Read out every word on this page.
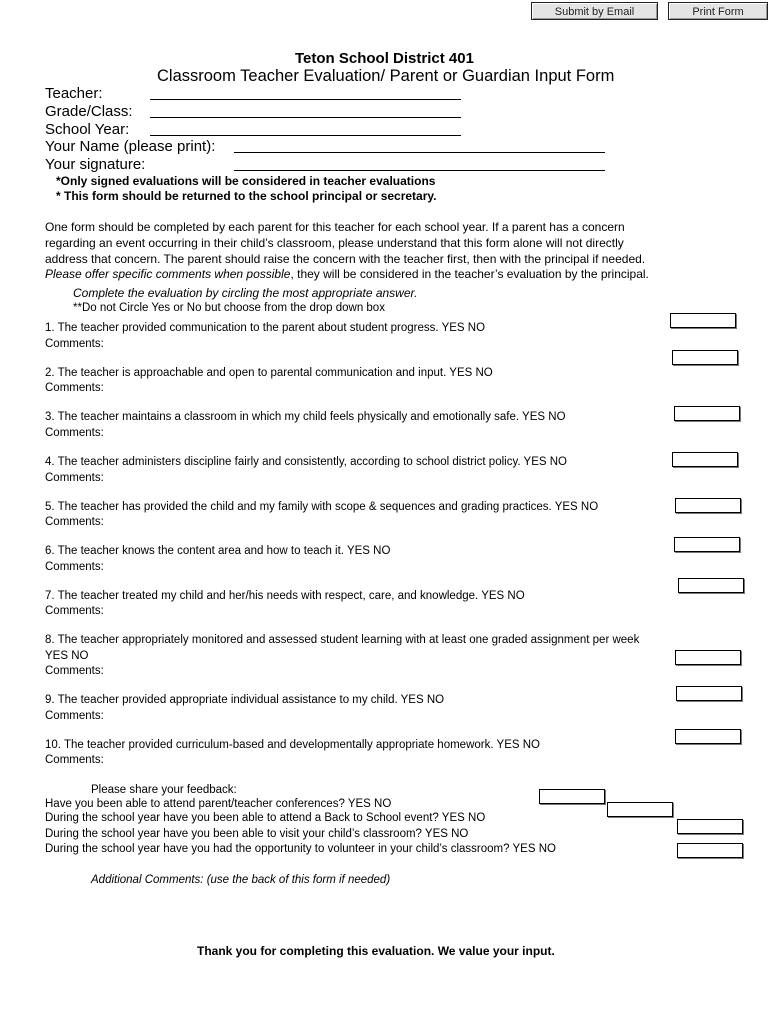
Submit by Email	Print Form
Teton School District 401
Classroom Teacher Evaluation/ Parent or Guardian Input Form
Teacher:
Grade/Class:
School Year:
Your Name (please print):
Your signature:
*Only signed evaluations will be considered in teacher evaluations
* This form should be returned to the school principal or secretary.
One form should be completed by each parent for this teacher for each school year. If a parent has a concern
regarding an event occurring in their child’s classroom, please understand that this form alone will not directly
address that concern. The parent should raise the concern with the teacher first, then with the principal if needed.
Please offer specific comments when possible, they will be considered in the teacher’s evaluation by the principal.
Complete the evaluation by circling the most appropriate answer.
**Do not Circle Yes or No but choose from the drop down box
1. The teacher provided communication to the parent about student progress. YES NO
Comments:
2. The teacher is approachable and open to parental communication and input. YES NO
Comments:
3. The teacher maintains a classroom in which my child feels physically and emotionally safe. YES NO
Comments:
4. The teacher administers discipline fairly and consistently, according to school district policy. YES NO
Comments:
5. The teacher has provided the child and my family with scope & sequences and grading practices. YES NO
Comments:
6. The teacher knows the content area and how to teach it. YES NO
Comments:
7. The teacher treated my child and her/his needs with respect, care, and knowledge. YES NO
Comments:
8. The teacher appropriately monitored and assessed student learning with at least one graded assignment per week
YES NO
Comments:
9. The teacher provided appropriate individual assistance to my child. YES NO
Comments:
10. The teacher provided curriculum-based and developmentally appropriate homework. YES NO
Comments:
Please share your feedback:
Have you been able to attend parent/teacher conferences? YES NO
During the school year have you been able to attend a Back to School event? YES NO
During the school year have you been able to visit your child’s classroom? YES NO
During the school year have you had the opportunity to volunteer in your child’s classroom? YES NO
Additional Comments: (use the back of this form if needed)
Thank you for completing this evaluation. We value your input.
